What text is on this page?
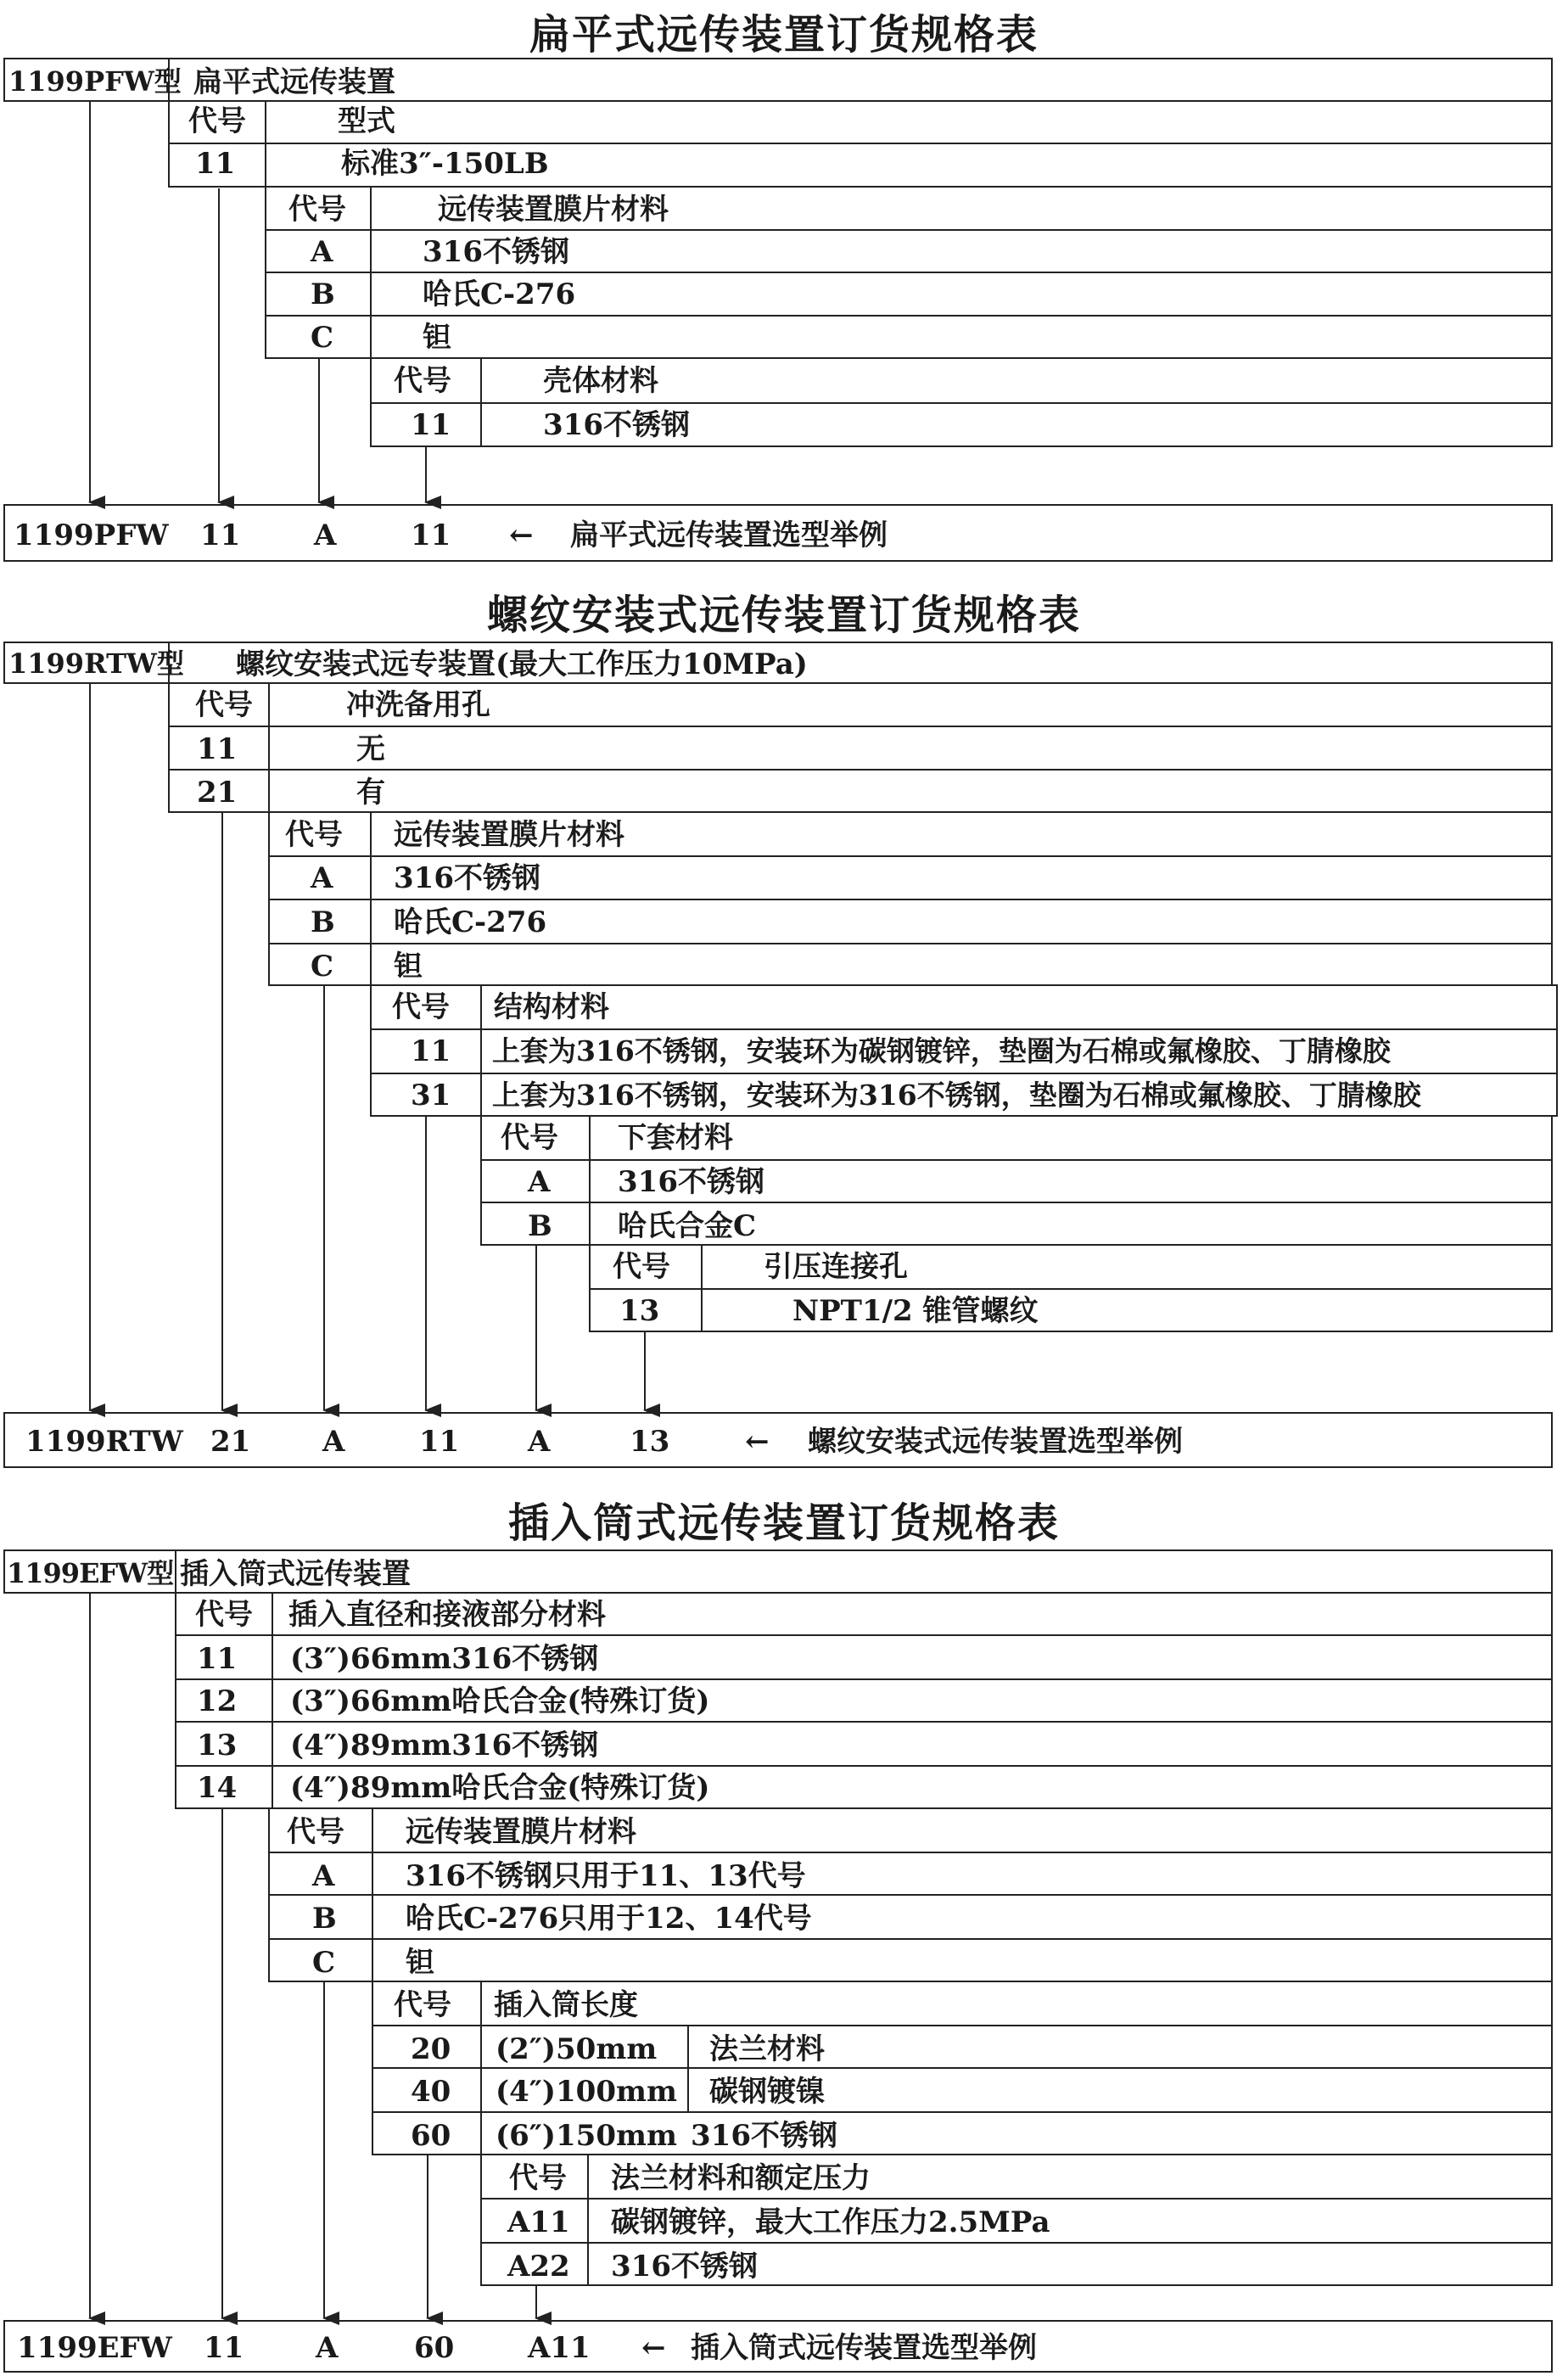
扁平式远传装置订货规格表
1199PFW型 扁平式远传装置
代号	型式
11	标准3″-150LB
代号	远传装置膜片材料
A	316不锈钢
B	哈氏C-276
C	钽
代号	壳体材料
11	316不锈钢
1199PFW 11	A	11 ← 扁平式远传装置选型举例
螺纹安装式远传装置订货规格表
1199RTW型 螺纹安装式远专装置(最大工作压力10MPa)
代号	冲洗备用孔
11	无
21	有
代号 远传装置膜片材料
A 316不锈钢
B 哈氏C-276
C 钽
代号 结构材料
11 上套为316不锈钢，安装环为碳钢镀锌，垫圈为石棉或氟橡胶、丁腈橡胶
31 上套为316不锈钢，安装环为316不锈钢，垫圈为石棉或氟橡胶、丁腈橡胶
代号 下套材料
A 316不锈钢
B 哈氏合金C
代号	引压连接孔
13	NPT1/2 锥管螺纹
1199RTW 21 A	11 A	13	← 螺纹安装式远传装置选型举例
插入筒式远传装置订货规格表
1199EFW型 插入筒式远传装置
代号 插入直径和接液部分材料
11 (3″)66mm316不锈钢
12 (3″)66mm哈氏合金(特殊订货)
13 (4″)89mm316不锈钢
14 (4″)89mm哈氏合金(特殊订货)
代号 远传装置膜片材料
A 316不锈钢只用于11、13代号
B 哈氏C-276只用于12、14代号
C 钽
代号 插入筒长度
20 (2″)50mm 法兰材料
40 (4″)100mm 碳钢镀镍
60 (6″)150mm 316不锈钢
代号 法兰材料和额定压力
A11 碳钢镀锌，最大工作压力2.5MPa
A22 316不锈钢
1199EFW 11 A	60	A11 ← 插入筒式远传装置选型举例
